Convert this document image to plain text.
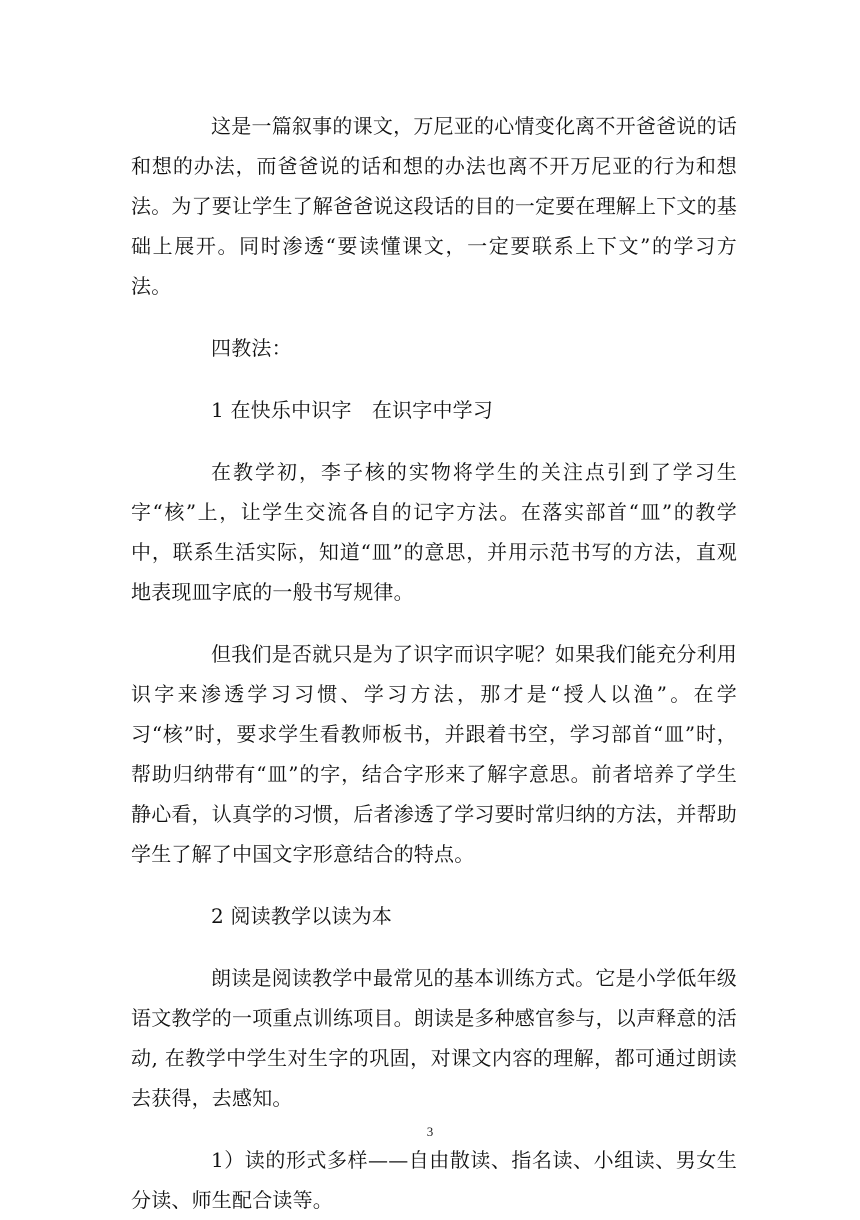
这是一篇叙事的课文，万尼亚的心情变化离不开爸爸说的话和想的办法，而爸爸说的话和想的办法也离不开万尼亚的行为和想法。为了要让学生了解爸爸说这段话的目的一定要在理解上下文的基础上展开。同时渗透“要读懂课文，一定要联系上下文”的学习方法。

四教法：

1 在快乐中识字　在识字中学习

在教学初，李子核的实物将学生的关注点引到了学习生字“核”上，让学生交流各自的记字方法。在落实部首“皿”的教学中，联系生活实际，知道“皿”的意思，并用示范书写的方法，直观地表现皿字底的一般书写规律。

但我们是否就只是为了识字而识字呢？如果我们能充分利用识字来渗透学习习惯、学习方法，那才是“授人以渔”。在学习“核”时，要求学生看教师板书，并跟着书空，学习部首“皿”时，帮助归纳带有“皿”的字，结合字形来了解字意思。前者培养了学生静心看，认真学的习惯，后者渗透了学习要时常归纳的方法，并帮助学生了解了中国文字形意结合的特点。

2 阅读教学以读为本

朗读是阅读教学中最常见的基本训练方式。它是小学低年级语文教学的一项重点训练项目。朗读是多种感官参与，以声释意的活动, 在教学中学生对生字的巩固，对课文内容的理解，都可通过朗读去获得，去感知。

1）读的形式多样——自由散读、指名读、小组读、男女生分读、师生配合读等。

3
